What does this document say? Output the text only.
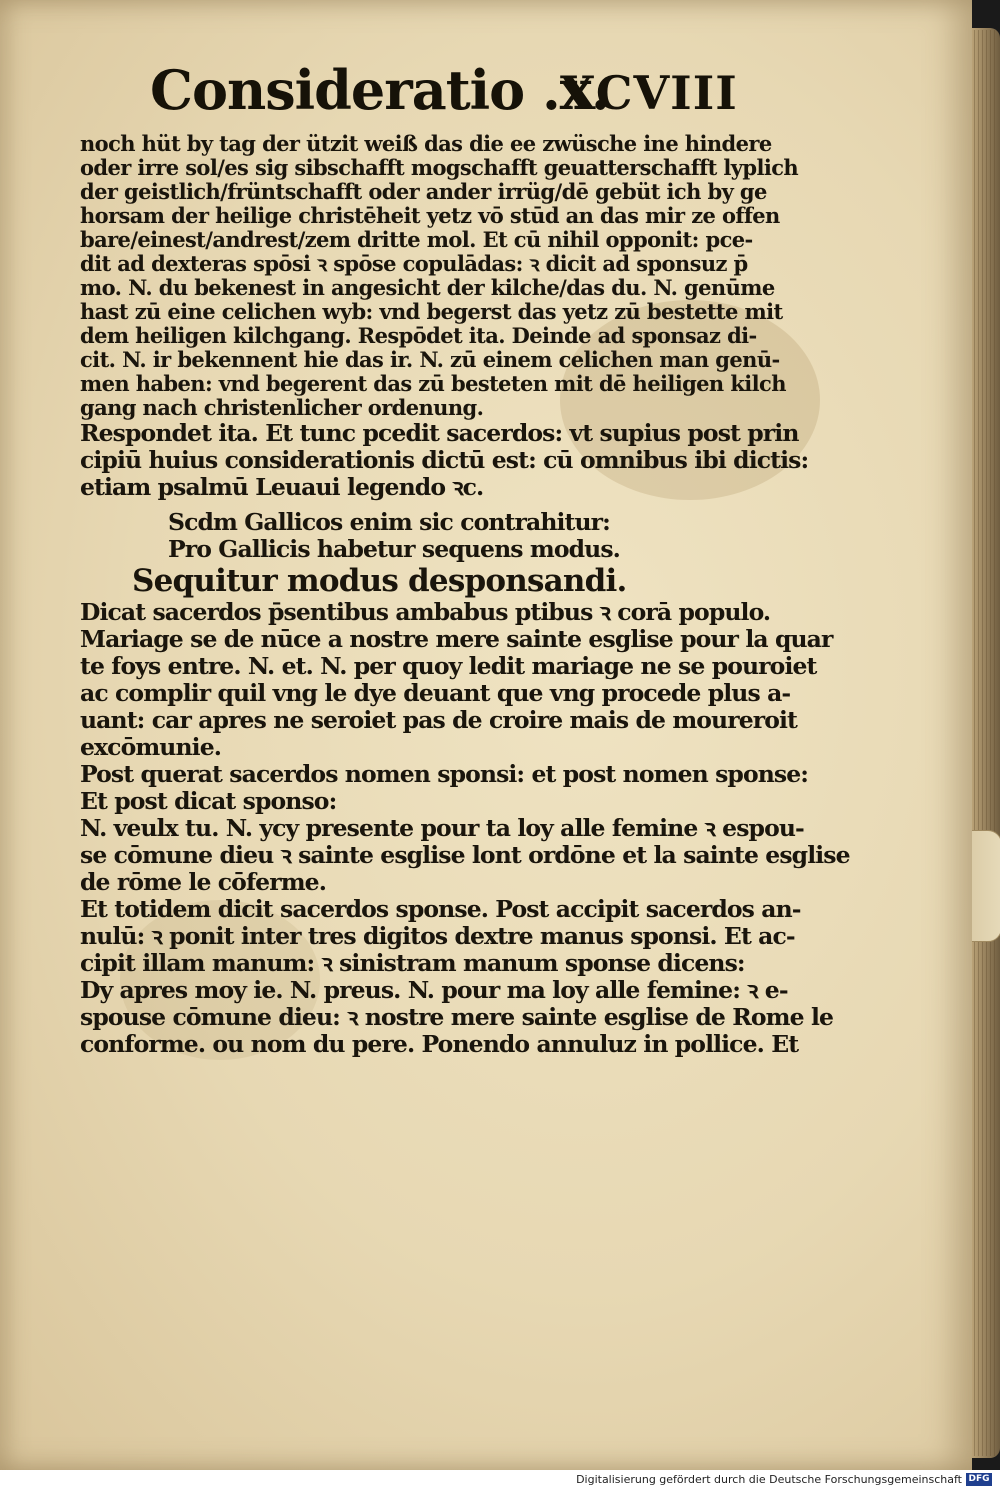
Consideratio .x.
XCVIII
noch hüt by tag der ützit weiß das die ee zwüsche ine hindere
oder irre sol/es sig sibschafft mogschafft geuatterschafft lyplich
der geistlich/früntschafft oder ander irrüg/dē gebüt ich by ge
horsam der heilige christēheit yetz vō stūd an das mir ze offen
bare/einest/andrest/zem dritte mol. Et cū nihil opponit: pce-
dit ad dexteras spōsi ꝛ spōse copulādas: ꝛ dicit ad sponsuz p̄
mo. N. du bekenest in angesicht der kilche/das du. N. genūme
hast zū eine celichen wyb: vnd begerst das yetz zū bestette mit
dem heiligen kilchgang. Respōdet ita. Deinde ad sponsaz di-
cit. N. ir bekennent hie das ir. N. zū einem celichen man genū-
men haben: vnd begerent das zū besteten mit dē heiligen kilch
gang nach christenlicher ordenung.
Respondet ita. Et tunc pcedit sacerdos: vt supius post prin
cipiū huius considerationis dictū est: cū omnibus ibi dictis:
etiam psalmū Leuaui legendo ꝛc.
Scdm Gallicos enim sic contrahitur:
Pro Gallicis habetur sequens modus.
Sequitur modus desponsandi.
Dicat sacerdos p̄sentibus ambabus ptibus ꝛ corā populo.
Mariage se de nūce a nostre mere sainte esglise pour la quar
te foys entre. N. et. N. per quoy ledit mariage ne se pouroiet
ac complir quil vng le dye deuant que vng procede plus a-
uant: car apres ne seroiet pas de croire mais de moureroit
excōmunie.
Post querat sacerdos nomen sponsi: et post nomen sponse:
Et post dicat sponso:
N. veulx tu. N. ycy presente pour ta loy alle femine ꝛ espou-
se cōmune dieu ꝛ sainte esglise lont ordōne et la sainte esglise
de rōme le cōferme.
Et totidem dicit sacerdos sponse. Post accipit sacerdos an-
nulū: ꝛ ponit inter tres digitos dextre manus sponsi. Et ac-
cipit illam manum: ꝛ sinistram manum sponse dicens:
Dy apres moy ie. N. preus. N. pour ma loy alle femine: ꝛ e-
spouse cōmune dieu: ꝛ nostre mere sainte esglise de Rome le
conforme. ou nom du pere. Ponendo annuluz in pollice. Et
Digitalisierung gefördert durch die Deutsche Forschungsgemeinschaft DFG
